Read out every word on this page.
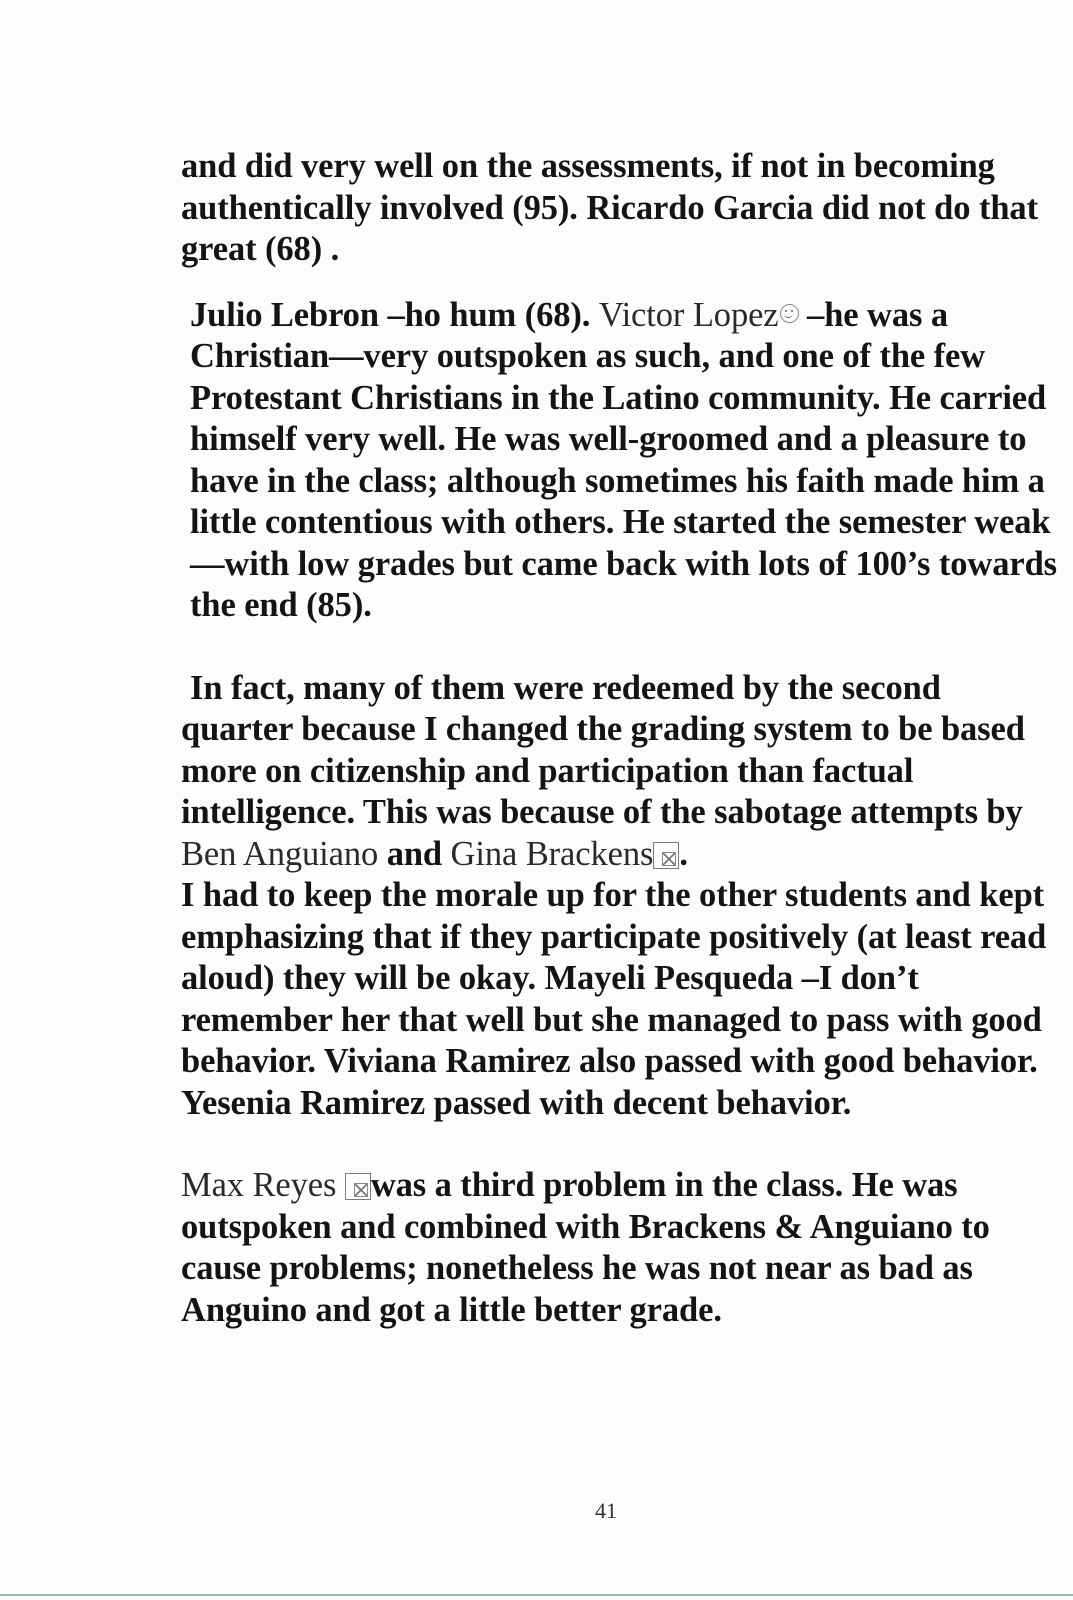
and did very well on the assessments, if not in becoming authentically involved (95). Ricardo Garcia did not do that great (68) .

Julio Lebron –ho hum (68). Victor Lopez –he was a Christian—very outspoken as such, and one of the few Protestant Christians in the Latino community. He carried himself very well. He was well-groomed and a pleasure to have in the class; although sometimes his faith made him a little contentious with others. He started the semester weak—with low grades but came back with lots of 100’s towards the end (85).

In fact, many of them were redeemed by the second quarter because I changed the grading system to be based more on citizenship and participation than factual intelligence. This was because of the sabotage attempts by Ben Anguiano and Gina Brackens .
I had to keep the morale up for the other students and kept emphasizing that if they participate positively (at least read aloud) they will be okay. Mayeli Pesqueda –I don’t remember her that well but she managed to pass with good behavior. Viviana Ramirez also passed with good behavior. Yesenia Ramirez passed with decent behavior.

Max Reyes was a third problem in the class. He was outspoken and combined with Brackens & Anguiano to cause problems; nonetheless he was not near as bad as Anguino and got a little better grade.

41
